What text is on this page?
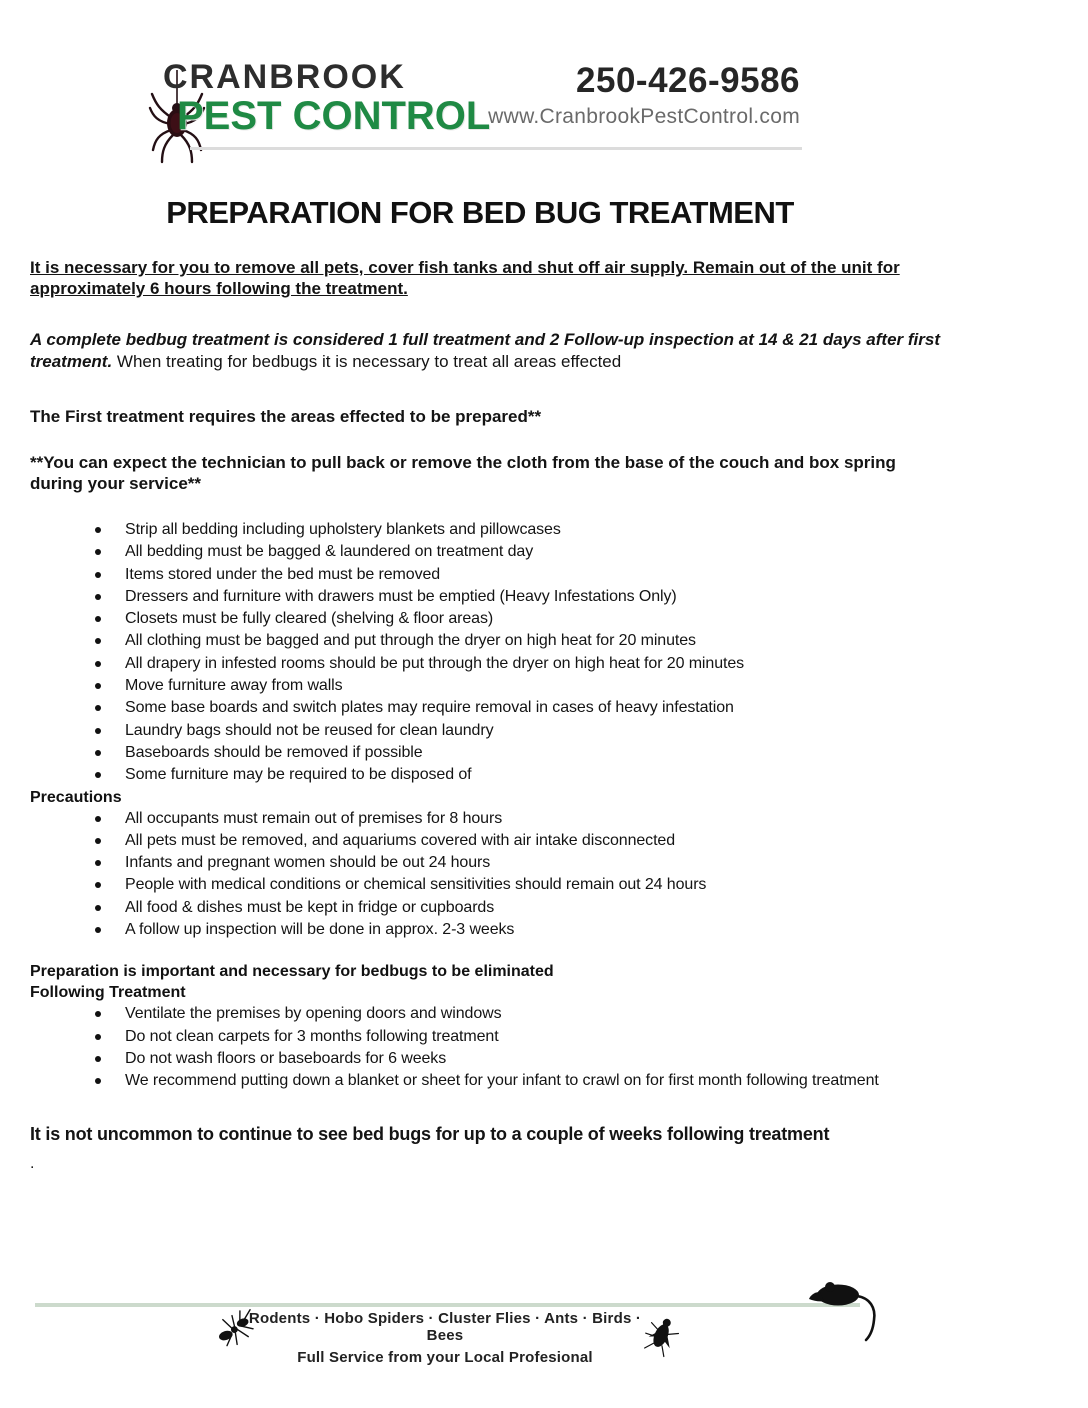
CRANBROOK
PEST CONTROL
250-426-9586
www.CranbrookPestControl.com
PREPARATION FOR BED BUG TREATMENT

It is necessary for you to remove all pets, cover fish tanks and shut off air supply. Remain out of the unit for approximately 6 hours following the treatment.

A complete bedbug treatment is considered 1 full treatment and 2 Follow-up inspection at 14 & 21 days after first treatment. When treating for bedbugs it is necessary to treat all areas effected

The First treatment requires the areas effected to be prepared**

**You can expect the technician to pull back or remove the cloth from the base of the couch and box spring during your service**

Strip all bedding including upholstery blankets and pillowcases
All bedding must be bagged & laundered on treatment day
Items stored under the bed must be removed
Dressers and furniture with drawers must be emptied (Heavy Infestations Only)
Closets must be fully cleared (shelving & floor areas)
All clothing must be bagged and put through the dryer on high heat for 20 minutes
All drapery in infested rooms should be put through the dryer on high heat for 20 minutes
Move furniture away from walls
Some base boards and switch plates may require removal in cases of heavy infestation
Laundry bags should not be reused for clean laundry
Baseboards should be removed if possible
Some furniture may be required to be disposed of

Precautions

All occupants must remain out of premises for 8 hours
All pets must be removed, and aquariums covered with air intake disconnected
Infants and pregnant women should be out 24 hours
People with medical conditions or chemical sensitivities should remain out 24 hours
All food & dishes must be kept in fridge or cupboards
A follow up inspection will be done in approx. 2-3 weeks

Preparation is important and necessary for bedbugs to be eliminated

Following Treatment

Ventilate the premises by opening doors and windows
Do not clean carpets for 3 months following treatment
Do not wash floors or baseboards for 6 weeks
We recommend putting down a blanket or sheet for your infant to crawl on for first month following treatment

It is not uncommon to continue to see bed bugs for up to a couple of weeks following treatment

.

Rodents · Hobo Spiders · Cluster Flies · Ants · Birds · Bees
Full Service from your Local Profesional
